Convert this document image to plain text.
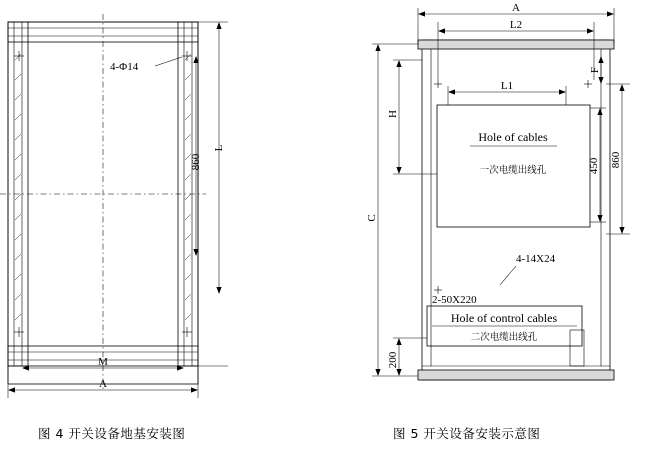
4-Φ14
860
L
M
A
Hole of cables
一次电缆出线孔
Hole of control cables
二次电缆出线孔
2-50X220
4-14X24
A
L2
L1
C
H
200
F
450 860
图 4 开关设备地基安装图	图 5 开关设备安装示意图
